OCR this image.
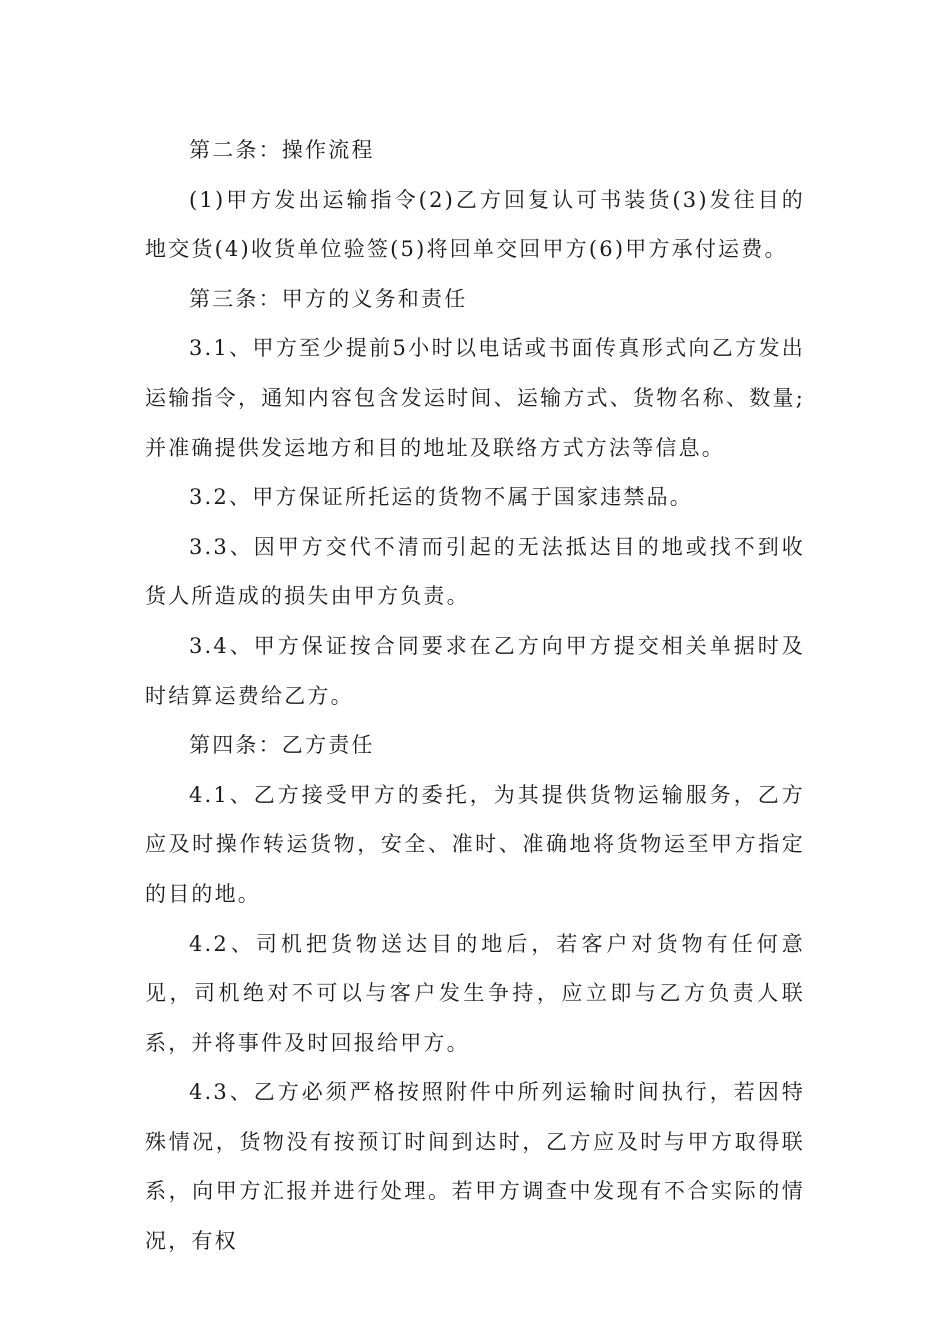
第二条：操作流程

(1)甲方发出运输指令(2)乙方回复认可书装货(3)发往目的地交货(4)收货单位验签(5)将回单交回甲方(6)甲方承付运费。

第三条：甲方的义务和责任

3.1、甲方至少提前5小时以电话或书面传真形式向乙方发出运输指令，通知内容包含发运时间、运输方式、货物名称、数量;并准确提供发运地方和目的地址及联络方式方法等信息。

3.2、甲方保证所托运的货物不属于国家违禁品。

3.3、因甲方交代不清而引起的无法抵达目的地或找不到收货人所造成的损失由甲方负责。

3.4、甲方保证按合同要求在乙方向甲方提交相关单据时及时结算运费给乙方。

第四条：乙方责任

4.1、乙方接受甲方的委托，为其提供货物运输服务，乙方应及时操作转运货物，安全、准时、准确地将货物运至甲方指定的目的地。

4.2、司机把货物送达目的地后，若客户对货物有任何意见，司机绝对不可以与客户发生争持，应立即与乙方负责人联系，并将事件及时回报给甲方。

4.3、乙方必须严格按照附件中所列运输时间执行，若因特殊情况，货物没有按预订时间到达时，乙方应及时与甲方取得联系，向甲方汇报并进行处理。若甲方调查中发现有不合实际的情况，有权
